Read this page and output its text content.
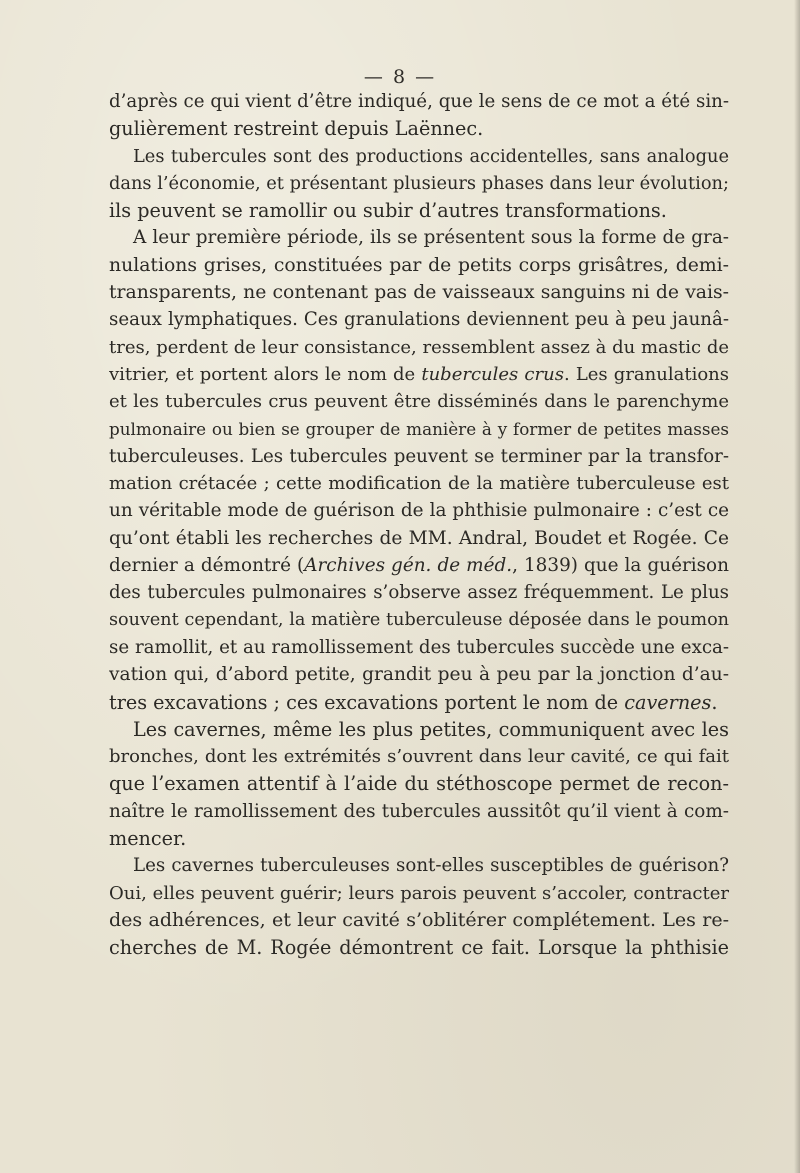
— 8 —
d’après ce qui vient d’être indiqué, que le sens de ce mot a été sin-
gulièrement restreint depuis Laënnec.
Les tubercules sont des productions accidentelles, sans analogue
dans l’économie, et présentant plusieurs phases dans leur évolution;
ils peuvent se ramollir ou subir d’autres transformations.
A leur première période, ils se présentent sous la forme de gra-
nulations grises, constituées par de petits corps grisâtres, demi-
transparents, ne contenant pas de vaisseaux sanguins ni de vais-
seaux lymphatiques. Ces granulations deviennent peu à peu jaunâ-
tres, perdent de leur consistance, ressemblent assez à du mastic de
vitrier, et portent alors le nom de tubercules crus. Les granulations
et les tubercules crus peuvent être disséminés dans le parenchyme
pulmonaire ou bien se grouper de manière à y former de petites masses
tuberculeuses. Les tubercules peuvent se terminer par la transfor-
mation crétacée ; cette modification de la matière tuberculeuse est
un véritable mode de guérison de la phthisie pulmonaire : c’est ce
qu’ont établi les recherches de MM. Andral, Boudet et Rogée. Ce
dernier a démontré (Archives gén. de méd., 1839) que la guérison
des tubercules pulmonaires s’observe assez fréquemment. Le plus
souvent cependant, la matière tuberculeuse déposée dans le poumon
se ramollit, et au ramollissement des tubercules succède une exca-
vation qui, d’abord petite, grandit peu à peu par la jonction d’au-
tres excavations ; ces excavations portent le nom de cavernes.
Les cavernes, même les plus petites, communiquent avec les
bronches, dont les extrémités s’ouvrent dans leur cavité, ce qui fait
que l’examen attentif à l’aide du stéthoscope permet de recon-
naître le ramollissement des tubercules aussitôt qu’il vient à com-
mencer.
Les cavernes tuberculeuses sont-elles susceptibles de guérison?
Oui, elles peuvent guérir; leurs parois peuvent s’accoler, contracter
des adhérences, et leur cavité s’oblitérer complétement. Les re-
cherches de M. Rogée démontrent ce fait. Lorsque la phthisie
